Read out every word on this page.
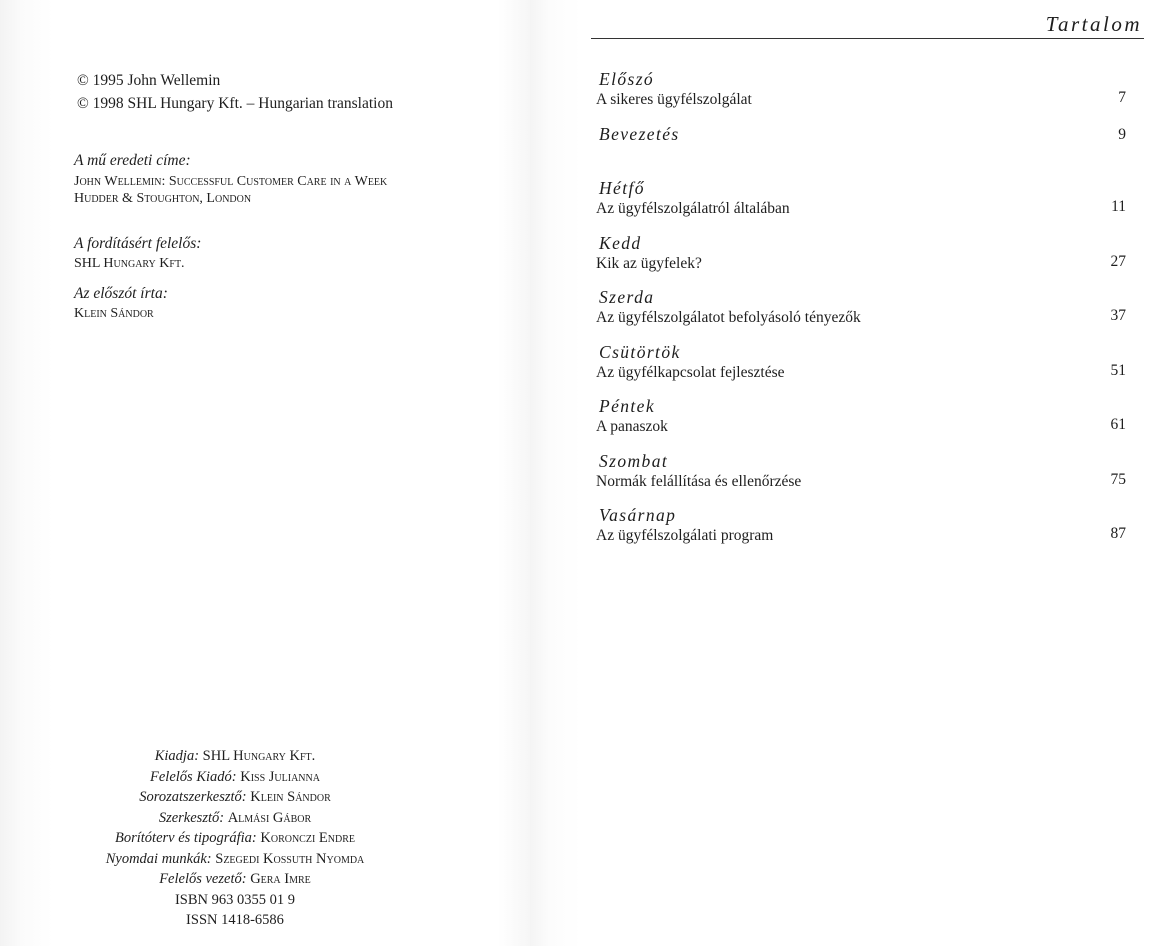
© 1995 John Wellemin
© 1998 SHL Hungary Kft. – Hungarian translation
A mű eredeti címe:
John Wellemin: Successful Customer Care in a Week
Hudder & Stoughton, London
A fordításért felelős:
SHL Hungary Kft.
Az előszót írta:
Klein Sándor
Kiadja: SHL Hungary Kft.
Felelős Kiadó: Kiss Julianna
Sorozatszerkesztő: Klein Sándor
Szerkesztő: Almási Gábor
Borítóterv és tipográfia: Koronczi Endre
Nyomdai munkák: Szegedi Kossuth Nyomda
Felelős vezető: Gera Imre
ISBN 963 0355 01 9
ISSN 1418-6586
Tartalom
Előszó
A sikeres ügyfélszolgálat	7
Bevezetés	9
Hétfő
Az ügyfélszolgálatról általában	11
Kedd
Kik az ügyfelek?	27
Szerda
Az ügyfélszolgálatot befolyásoló tényezők	37
Csütörtök
Az ügyfélkapcsolat fejlesztése	51
Péntek
A panaszok	61
Szombat
Normák felállítása és ellenőrzése	75
Vasárnap
Az ügyfélszolgálati program	87
